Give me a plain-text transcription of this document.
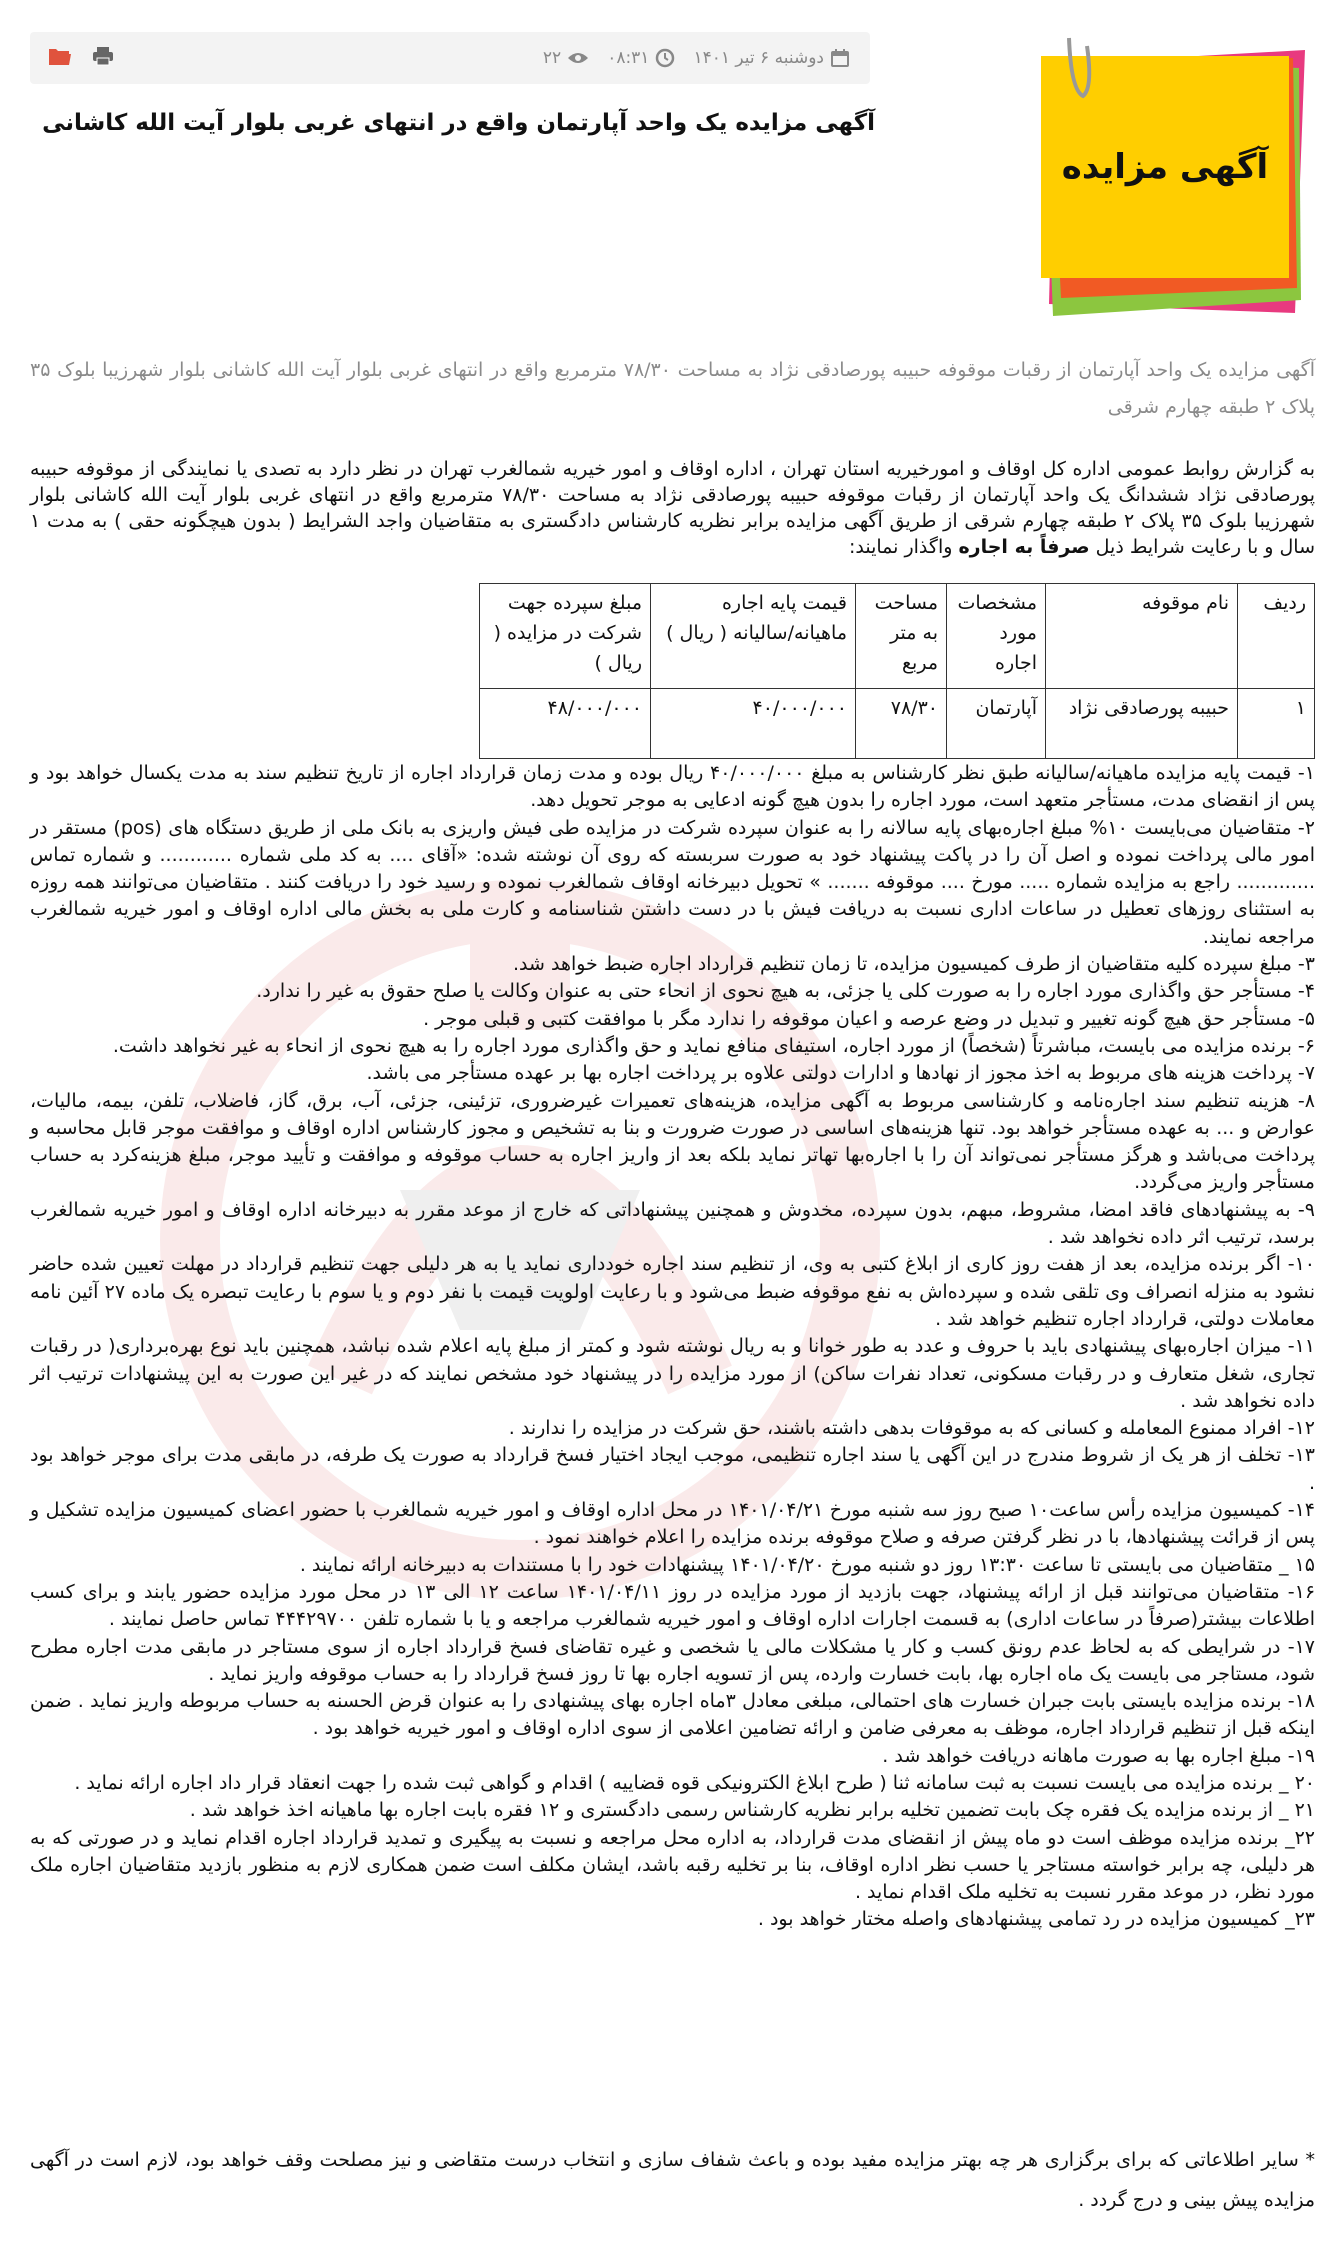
۲۲	۰۸:۳۱	دوشنبه ۶ تیر ۱۴۰۱
آگهی مزایده
آگهی مزایده یک واحد آپارتمان واقع در انتهای غربی بلوار آیت الله کاشانی
آگهی مزایده یک واحد آپارتمان از رقبات موقوفه حبیبه پورصادقی نژاد به مساحت ۷۸/۳۰ مترمربع واقع در انتهای غربی بلوار آیت الله کاشانی بلوار شهرزیبا بلوک ۳۵ پلاک ۲ طبقه چهارم شرقی

به گزارش روابط عمومی اداره کل اوقاف و امورخیریه استان تهران ، اداره اوقاف و امور خیریه شمالغرب تهران در نظر دارد به تصدی یا نمایندگی از موقوفه حبیبه پورصادقی نژاد ششدانگ یک واحد آپارتمان از رقبات موقوفه حبیبه پورصادقی نژاد به مساحت ۷۸/۳۰ مترمربع واقع در انتهای غربی بلوار آیت الله کاشانی بلوار شهرزیبا بلوک ۳۵ پلاک ۲ طبقه چهارم شرقی از طریق آگهی مزایده برابر نظریه کارشناس دادگستری به متقاضیان واجد الشرایط ( بدون هیچگونه حقی ) به مدت ۱ سال و با رعایت شرایط ذیل صرفاً به اجاره واگذار نمایند:

ردیف	نام موقوفه	مشخصات مورد اجاره	مساحت به متر مربع	قیمت پایه اجاره ماهیانه/سالیانه ( ریال )	مبلغ سپرده جهت شرکت در مزایده ( ریال )
۱	حبیبه پورصادقی نژاد	آپارتمان	۷۸/۳۰	۴۰/۰۰۰/۰۰۰	۴۸/۰۰۰/۰۰۰

۱- قیمت پایه مزایده ماهیانه/سالیانه طبق نظر کارشناس به مبلغ ۴۰/۰۰۰/۰۰۰ ریال بوده و مدت زمان قرارداد اجاره از تاریخ تنظیم سند به مدت یکسال خواهد بود و پس از انقضای مدت، مستأجر متعهد است، مورد اجاره را بدون هیچ گونه ادعایی به موجر تحویل دهد.

۲- متقاضیان می‌بایست ۱۰% مبلغ اجاره‌بهای پایه سالانه را به عنوان سپرده شرکت در مزایده طی فیش واریزی به بانک ملی از طریق دستگاه های (pos) مستقر در امور مالی پرداخت نموده و اصل آن را در پاکت پیشنهاد خود به صورت سربسته که روی آن نوشته شده: «آقای .... به کد ملی شماره ............ و شماره تماس ............. راجع به مزایده شماره ..... مورخ .... موقوفه ....... » تحویل دبیرخانه اوقاف شمالغرب نموده و رسید خود را دریافت کنند . متقاضیان می‌توانند همه روزه به استثنای روزهای تعطیل در ساعات اداری نسبت به دریافت فیش با در دست داشتن شناسنامه و کارت ملی به بخش مالی اداره اوقاف و امور خیریه شمالغرب مراجعه نمایند.

۳- مبلغ سپرده کلیه متقاضیان از طرف کمیسیون مزایده، تا زمان تنظیم قرارداد اجاره ضبط خواهد شد.

۴- مستأجر حق واگذاری مورد اجاره را به صورت کلی یا جزئی، به هیچ نحوی از انحاء حتی به عنوان وکالت یا صلح حقوق به غیر را ندارد.

۵- مستأجر حق هیچ گونه تغییر و تبدیل در وضع عرصه و اعیان موقوفه را ندارد مگر با موافقت کتبی و قبلی موجر .

۶- برنده مزایده می بایست، مباشرتاً (شخصاً) از مورد اجاره، استیفای منافع نماید و حق واگذاری مورد اجاره را به هیچ نحوی از انحاء به غیر نخواهد داشت.

۷- پرداخت هزینه های مربوط به اخذ مجوز از نهادها و ادارات دولتی علاوه بر پرداخت اجاره بها بر عهده مستأجر می باشد.

۸- هزینه تنظیم سند اجاره‌نامه و کارشناسی مربوط به آگهی مزایده، هزینه‌های تعمیرات غیرضروری، تزئینی، جزئی، آب، برق، گاز، فاضلاب، تلفن، بیمه، مالیات، عوارض و ... به عهده مستأجر خواهد بود. تنها هزینه‌های اساسی در صورت ضرورت و بنا به تشخیص و مجوز کارشناس اداره اوقاف و موافقت موجر قابل محاسبه و پرداخت می‌باشد و هرگز مستأجر نمی‌تواند آن را با اجاره‌بها تهاتر نماید بلکه بعد از واریز اجاره به حساب موقوفه و موافقت و تأیید موجر، مبلغ هزینه‌کرد به حساب مستأجر واریز می‌گردد.

۹- به پیشنهادهای فاقد امضا، مشروط، مبهم، بدون سپرده، مخدوش و همچنین پیشنهاداتی که خارج از موعد مقرر به دبیرخانه اداره اوقاف و امور خیریه شمالغرب برسد، ترتیب اثر داده نخواهد شد .

۱۰- اگر برنده مزایده، بعد از هفت روز کاری از ابلاغ کتبی به وی، از تنظیم سند اجاره خودداری نماید یا به هر دلیلی جهت تنظیم قرارداد در مهلت تعیین شده حاضر نشود به منزله انصراف وی تلقی شده و سپرده‌اش به نفع موقوفه ضبط می‌شود و با رعایت اولویت قیمت با نفر دوم و یا سوم با رعایت تبصره یک ماده ۲۷ آئین نامه معاملات دولتی، قرارداد اجاره تنظیم خواهد شد .

۱۱- میزان اجاره‌بهای پیشنهادی باید با حروف و عدد به طور خوانا و به ریال نوشته شود و کمتر از مبلغ پایه اعلام شده نباشد، همچنین باید نوع بهره‌برداری( در رقبات تجاری، شغل متعارف و در رقبات مسکونی، تعداد نفرات ساکن) از مورد مزایده را در پیشنهاد خود مشخص نمایند که در غیر این صورت به این پیشنهادات ترتیب اثر داده نخواهد شد .

۱۲- افراد ممنوع المعامله و کسانی که به موقوفات بدهی داشته باشند، حق شرکت در مزایده را ندارند .

۱۳- تخلف از هر یک از شروط مندرج در این آگهی یا سند اجاره تنظیمی، موجب ایجاد اختیار فسخ قرارداد به صورت یک طرفه، در مابقی مدت برای موجر خواهد بود .

۱۴- کمیسیون مزایده رأس ساعت۱۰ صبح روز سه شنبه مورخ ۱۴۰۱/۰۴/۲۱ در محل اداره اوقاف و امور خیریه شمالغرب با حضور اعضای کمیسیون مزایده تشکیل و پس از قرائت پیشنهادها، با در نظر گرفتن صرفه و صلاح موقوفه برنده مزایده را اعلام خواهند نمود .

۱۵ _ متقاضیان می بایستی تا ساعت ۱۳:۳۰ روز دو شنبه مورخ ۱۴۰۱/۰۴/۲۰ پیشنهادات خود را با مستندات به دبیرخانه ارائه نمایند .

۱۶- متقاضیان می‌توانند قبل از ارائه پیشنهاد، جهت بازدید از مورد مزایده در روز ۱۴۰۱/۰۴/۱۱ ساعت ۱۲ الی ۱۳ در محل مورد مزایده حضور یابند و برای کسب اطلاعات بیشتر(صرفاً در ساعات اداری) به قسمت اجارات اداره اوقاف و امور خیریه شمالغرب مراجعه و یا با شماره تلفن ۴۴۴۲۹۷۰۰ تماس حاصل نمایند .

۱۷- در شرایطی که به لحاظ عدم رونق کسب و کار یا مشکلات مالی یا شخصی و غیره تقاضای فسخ قرارداد اجاره از سوی مستاجر در مابقی مدت اجاره مطرح شود، مستاجر می بایست یک ماه اجاره بها، بابت خسارت وارده، پس از تسویه اجاره بها تا روز فسخ قرارداد را به حساب موقوفه واریز نماید .

۱۸- برنده مزایده بایستی بابت جبران خسارت های احتمالی، مبلغی معادل ۳ماه اجاره بهای پیشنهادی را به عنوان قرض الحسنه به حساب مربوطه واریز نماید . ضمن اینکه قبل از تنظیم قرارداد اجاره، موظف به معرفی ضامن و ارائه تضامین اعلامی از سوی اداره اوقاف و امور خیریه خواهد بود .

۱۹- مبلغ اجاره بها به صورت ماهانه دریافت خواهد شد .

۲۰ _ برنده مزایده می بایست نسبت به ثبت سامانه ثنا ( طرح ابلاغ الکترونیکی قوه قضاییه ) اقدام و گواهی ثبت شده را جهت انعقاد قرار داد اجاره ارائه نماید .

۲۱ _ از برنده مزایده یک فقره چک بابت تضمین تخلیه برابر نظریه کارشناس رسمی دادگستری و ۱۲ فقره بابت اجاره بها ماهیانه اخذ خواهد شد .

۲۲_ برنده مزایده موظف است دو ماه پیش از انقضای مدت قرارداد، به اداره محل مراجعه و نسبت به پیگیری و تمدید قرارداد اجاره اقدام نماید و در صورتی که به هر دلیلی، چه برابر خواسته مستاجر یا حسب نظر اداره اوقاف، بنا بر تخلیه رقبه باشد، ایشان مکلف است ضمن همکاری لازم به منظور بازدید متقاضیان اجاره ملک مورد نظر، در موعد مقرر نسبت به تخلیه ملک اقدام نماید .

۲۳_ کمیسیون مزایده در رد تمامی پیشنهادهای واصله مختار خواهد بود .

* سایر اطلاعاتی که برای برگزاری هر چه بهتر مزایده مفید بوده و باعث شفاف سازی و انتخاب درست متقاضی و نیز مصلحت وقف خواهد بود، لازم است در آگهی مزایده پیش بینی و درج گردد .
